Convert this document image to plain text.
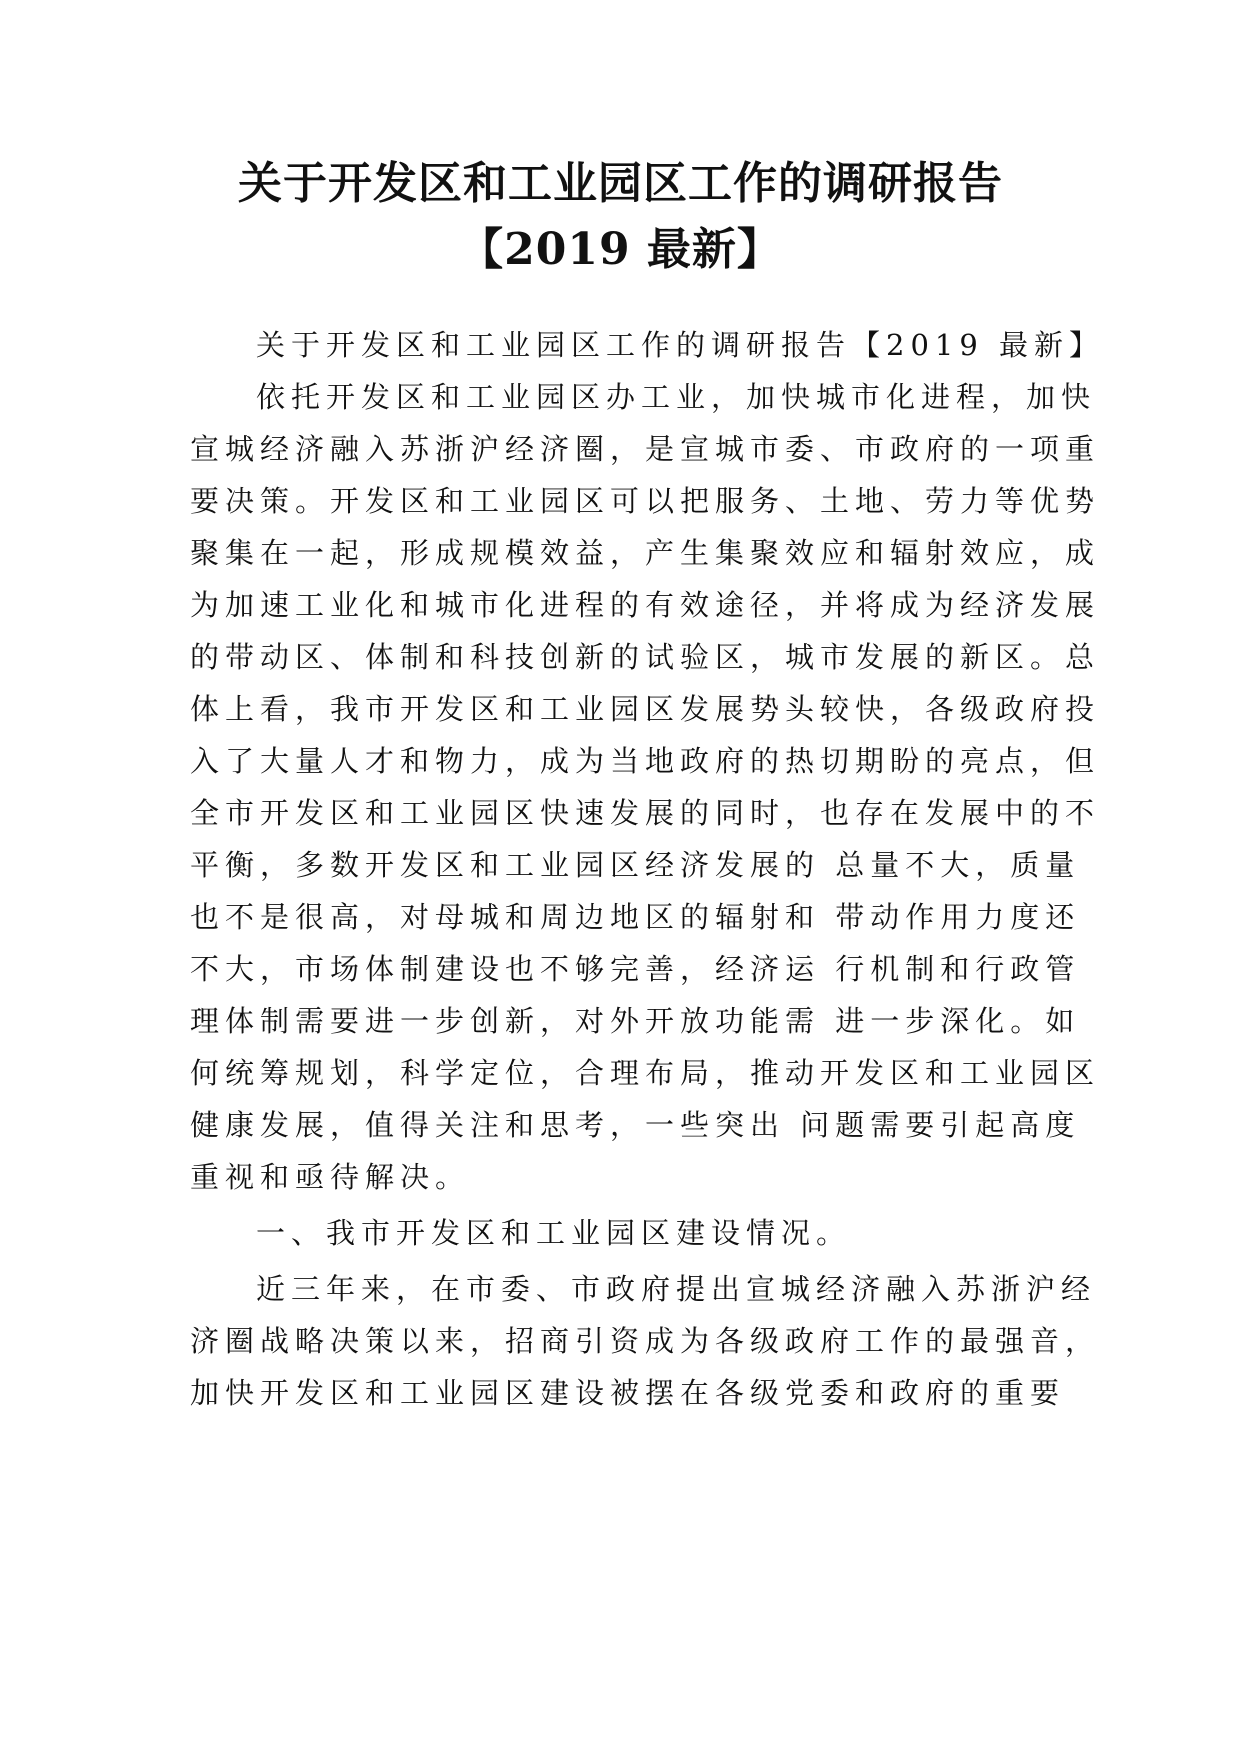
关于开发区和工业园区工作的调研报告
【2019 最新】

关于开发区和工业园区工作的调研报告【2019 最新】

依托开发区和工业园区办工业，加快城市化进程，加快

宣城经济融入苏浙沪经济圈，是宣城市委、市政府的一项重

要决策。开发区和工业园区可以把服务、土地、劳力等优势

聚集在一起，形成规模效益，产生集聚效应和辐射效应，成

为加速工业化和城市化进程的有效途径，并将成为经济发展

的带动区、体制和科技创新的试验区，城市发展的新区。总

体上看，我市开发区和工业园区发展势头较快，各级政府投

入了大量人才和物力，成为当地政府的热切期盼的亮点，但

全市开发区和工业园区快速发展的同时，也存在发展中的不

平衡，多数开发区和工业园区经济发展的 总量不大，质量

也不是很高，对母城和周边地区的辐射和 带动作用力度还

不大，市场体制建设也不够完善，经济运 行机制和行政管

理体制需要进一步创新，对外开放功能需 进一步深化。如

何统筹规划，科学定位，合理布局，推动开发区和工业园区

健康发展，值得关注和思考，一些突出 问题需要引起高度

重视和亟待解决。

一、我市开发区和工业园区建设情况。

近三年来，在市委、市政府提出宣城经济融入苏浙沪经

济圈战略决策以来，招商引资成为各级政府工作的最强音，

加快开发区和工业园区建设被摆在各级党委和政府的重要
